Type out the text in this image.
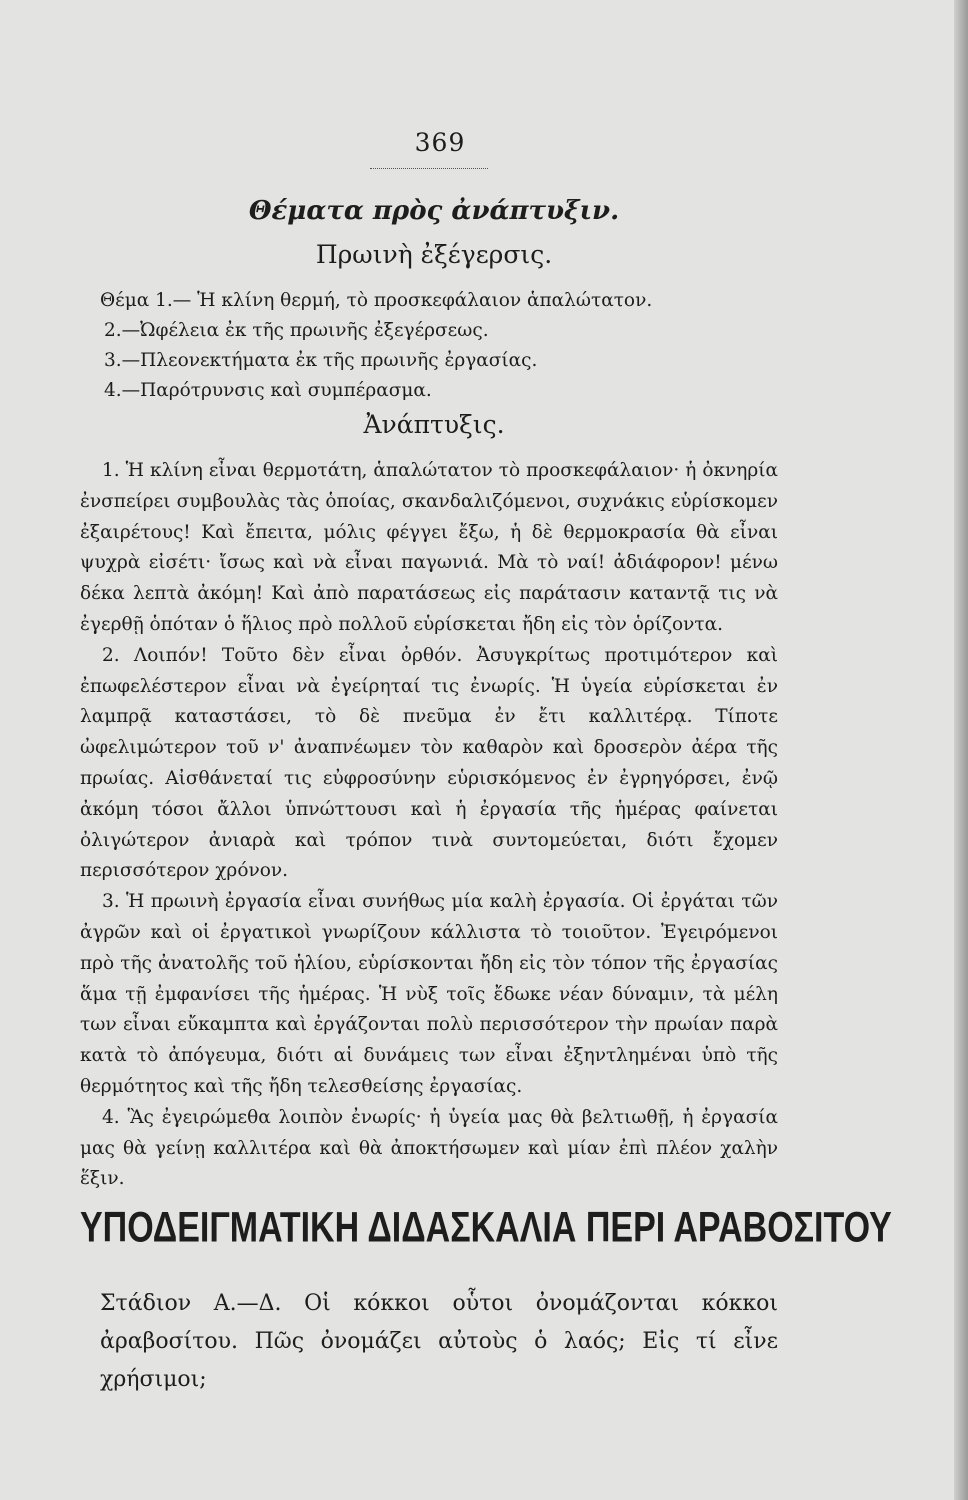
369
Θέματα πρὸς ἀνάπτυξιν.
Πρωινὴ ἐξέγερσις.
Θέμα 1.— Ἡ κλίνη θερμή, τὸ προσκεφάλαιον ἁπαλώτατον.
2.—Ὠφέλεια ἐκ τῆς πρωινῆς ἐξεγέρσεως.
3.—Πλεονεκτήματα ἐκ τῆς πρωινῆς ἐργασίας.
4.—Παρότρυνσις καὶ συμπέρασμα.
Ἀνάπτυξις.

1. Ἡ κλίνη εἶναι θερμοτάτη, ἁπαλώτατον τὸ προσκεφάλαιον· ἡ ὀκνηρία ἐνσπείρει συμβουλὰς τὰς ὁποίας, σκανδαλιζόμενοι, συχνάκις εὑρίσκομεν ἐξαιρέτους! Καὶ ἔπειτα, μόλις φέγγει ἔξω, ἡ δὲ θερμοκρασία θὰ εἶναι ψυχρὰ εἰσέτι· ἴσως καὶ νὰ εἶναι παγωνιά. Μὰ τὸ ναί! ἀδιάφορον! μένω δέκα λεπτὰ ἀκόμη! Καὶ ἀπὸ παρατάσεως εἰς παράτασιν καταντᾷ τις νὰ ἐγερθῇ ὁπόταν ὁ ἥλιος πρὸ πολλοῦ εὑρίσκεται ἤδη εἰς τὸν ὁρίζοντα.

2. Λοιπόν! Τοῦτο δὲν εἶναι ὀρθόν. Ἀσυγκρίτως προτιμότερον καὶ ἐπωφελέστερον εἶναι νὰ ἐγείρηταί τις ἐνωρίς. Ἡ ὑγεία εὑρίσκεται ἐν λαμπρᾷ καταστάσει, τὸ δὲ πνεῦμα ἐν ἔτι καλλιτέρᾳ. Τίποτε ὠφελιμώτερον τοῦ ν' ἀναπνέωμεν τὸν καθαρὸν καὶ δροσερὸν ἀέρα τῆς πρωίας. Αἰσθάνεταί τις εὐφροσύνην εὑρισκόμενος ἐν ἐγρηγόρσει, ἐνῷ ἀκόμη τόσοι ἄλλοι ὑπνώττουσι καὶ ἡ ἐργασία τῆς ἡμέρας φαίνεται ὀλιγώτερον ἀνιαρὰ καὶ τρόπον τινὰ συντομεύεται, διότι ἔχομεν περισσότερον χρόνον.

3. Ἡ πρωινὴ ἐργασία εἶναι συνήθως μία καλὴ ἐργασία. Οἱ ἐργάται τῶν ἀγρῶν καὶ οἱ ἐργατικοὶ γνωρίζουν κάλλιστα τὸ τοιοῦτον. Ἐγειρόμενοι πρὸ τῆς ἀνατολῆς τοῦ ἡλίου, εὑρίσκονται ἤδη εἰς τὸν τόπον τῆς ἐργασίας ἅμα τῇ ἐμφανίσει τῆς ἡμέρας. Ἡ νὺξ τοῖς ἔδωκε νέαν δύναμιν, τὰ μέλη των εἶναι εὔκαμπτα καὶ ἐργάζονται πολὺ περισσότερον τὴν πρωίαν παρὰ κατὰ τὸ ἀπόγευμα, διότι αἱ δυνάμεις των εἶναι ἐξηντλημέναι ὑπὸ τῆς θερμότητος καὶ τῆς ἤδη τελεσθείσης ἐργασίας.

4. Ἃς ἐγειρώμεθα λοιπὸν ἐνωρίς· ἡ ὑγεία μας θὰ βελτιωθῇ, ἡ ἐργασία μας θὰ γείνῃ καλλιτέρα καὶ θὰ ἀποκτήσωμεν καὶ μίαν ἐπὶ πλέον χαλὴν ἕξιν.

ΥΠΟΔΕΙΓΜΑΤΙΚΗ ΔΙΔΑΣΚΑΛΙΑ ΠΕΡΙ ΑΡΑΒΟΣΙΤΟΥ

Στάδιον Α.—Δ. Οἱ κόκκοι οὗτοι ὀνομάζονται κόκκοι ἀραβοσίτου. Πῶς ὀνομάζει αὐτοὺς ὁ λαός; Εἰς τί εἶνε χρήσιμοι;
